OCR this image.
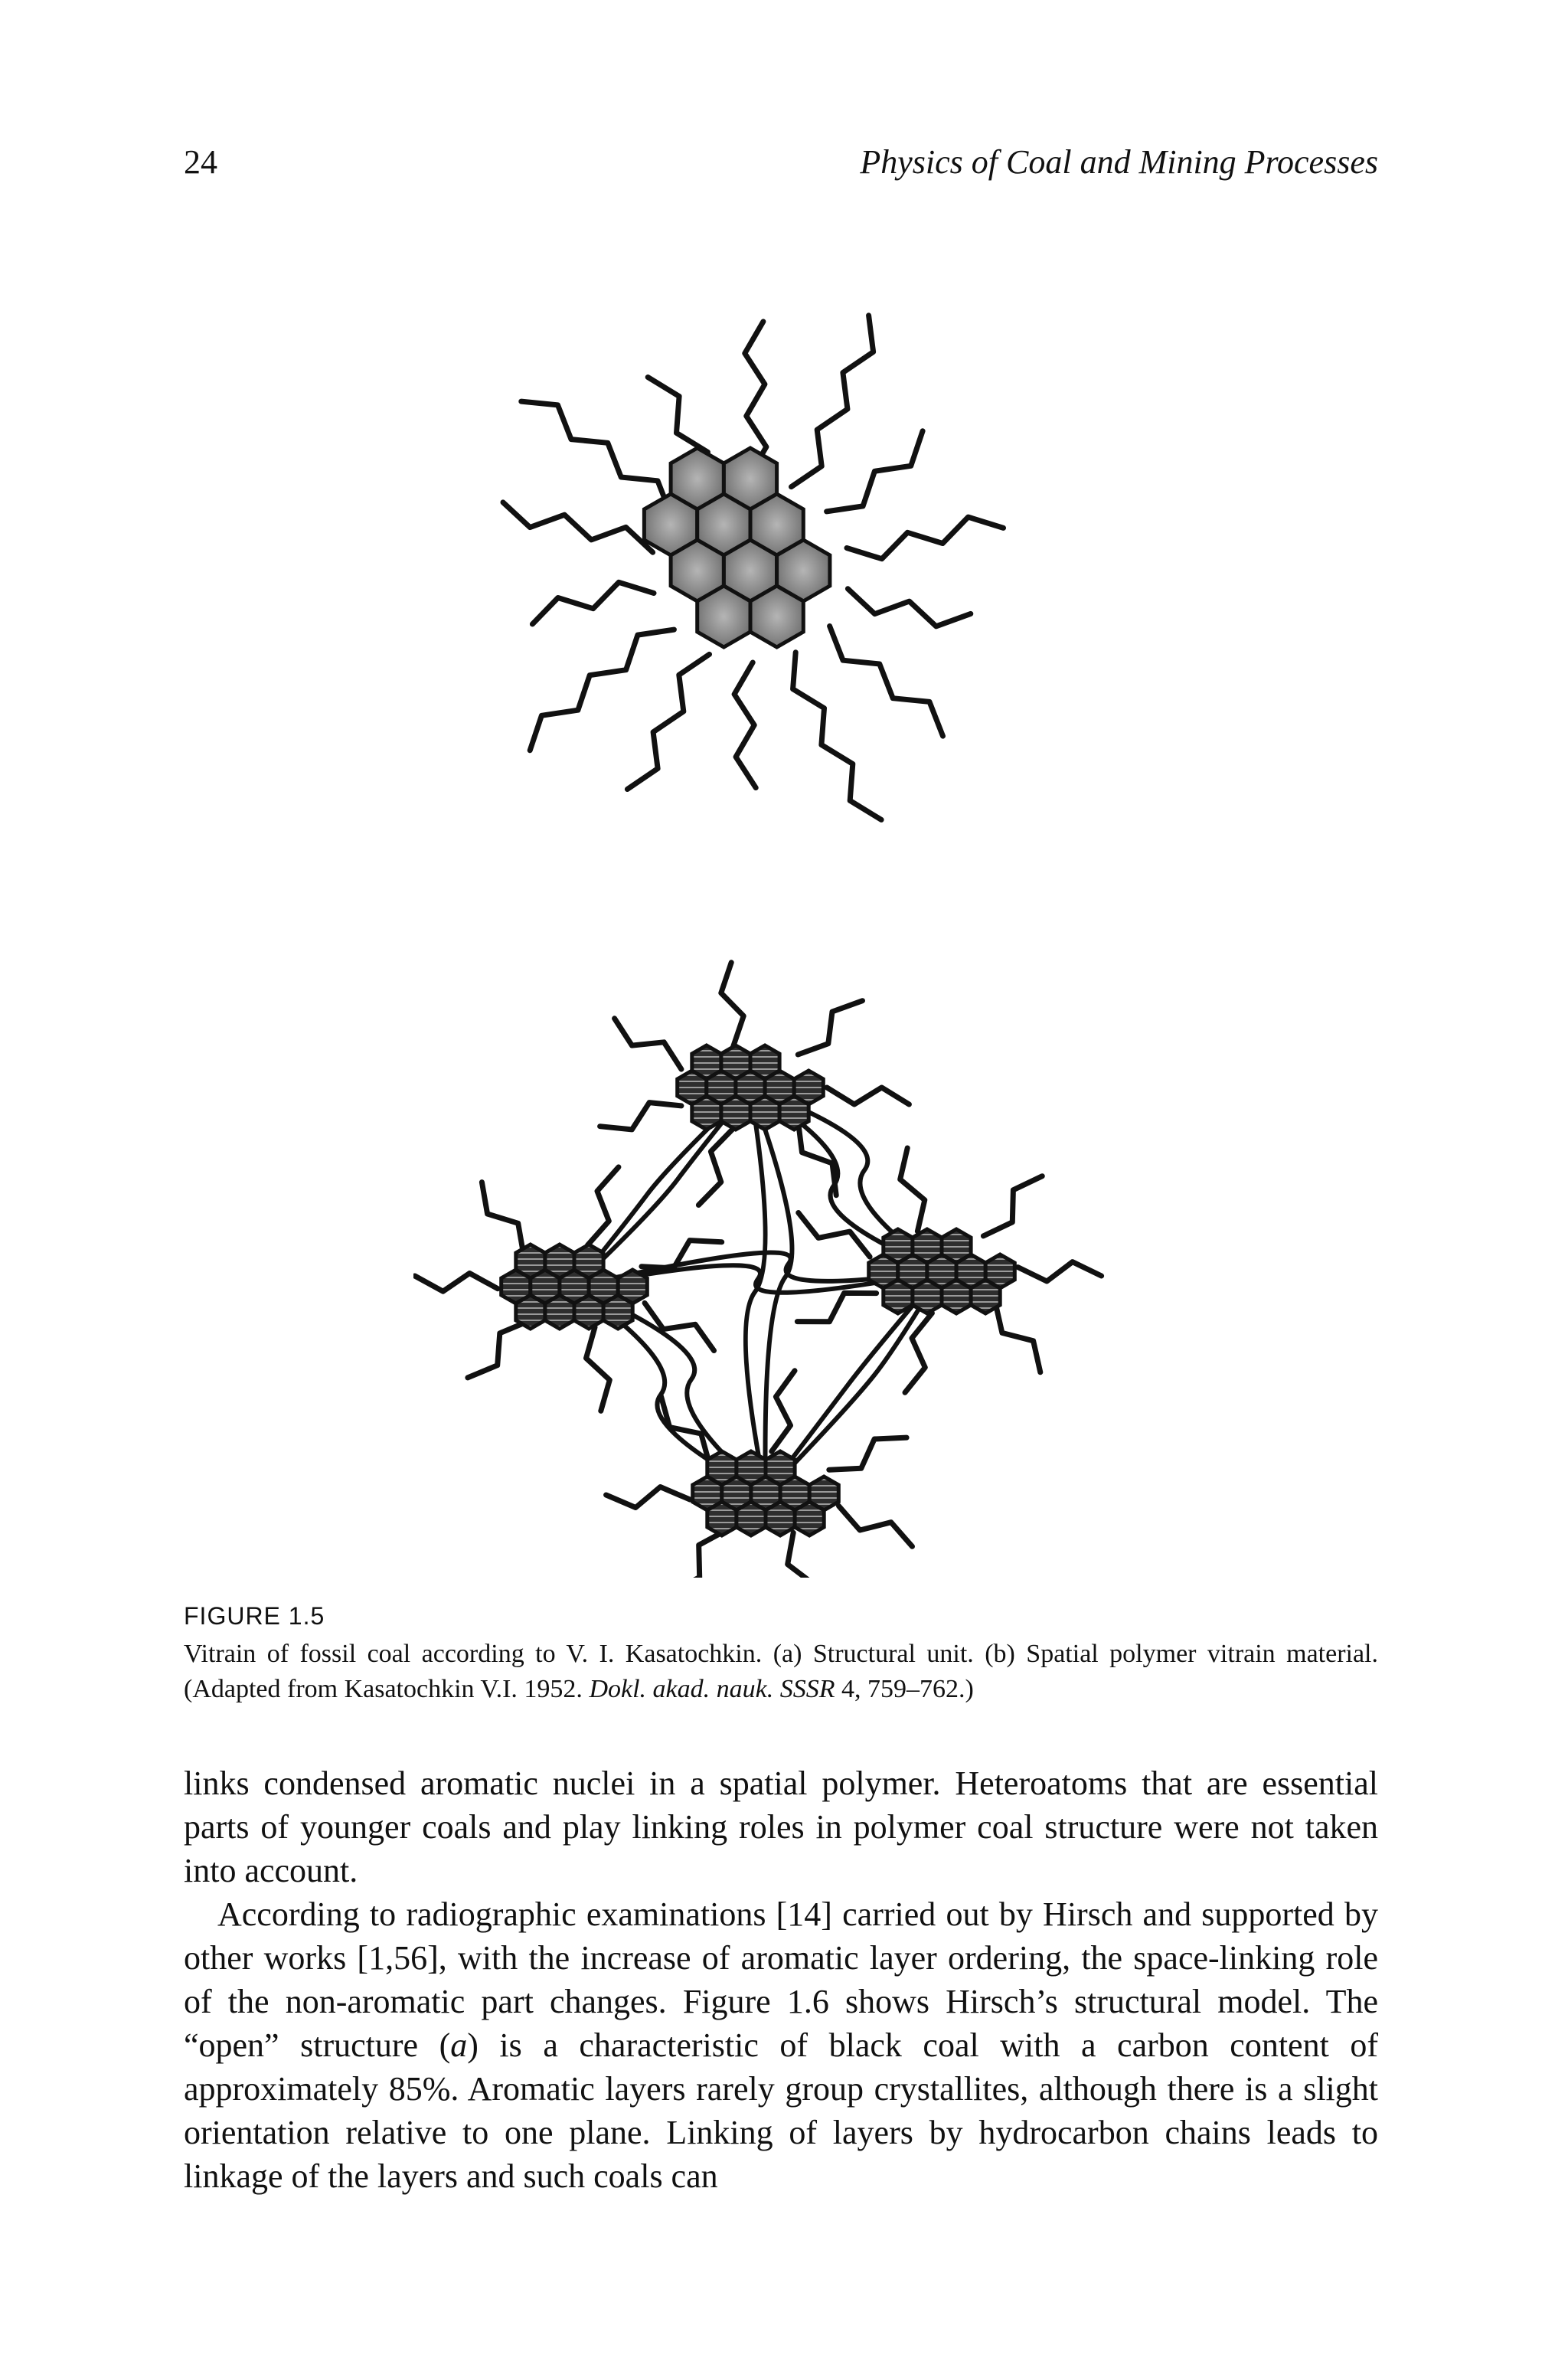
24	Physics of Coal and Mining Processes
FIGURE 1.5
Vitrain of fossil coal according to V. I. Kasatochkin. (a) Structural unit. (b) Spatial polymer vitrain material. (Adapted from Kasatochkin V.I. 1952. Dokl. akad. nauk. SSSR 4, 759–762.)

links condensed aromatic nuclei in a spatial polymer. Heteroatoms that are essential parts of younger coals and play linking roles in polymer coal structure were not taken into account.

According to radiographic examinations [14] carried out by Hirsch and supported by other works [1,56], with the increase of aromatic layer ordering, the space-linking role of the non-aromatic part changes. Figure 1.6 shows Hirsch’s structural model. The “open” structure (a) is a characteristic of black coal with a carbon content of approximately 85%. Aromatic layers rarely group crystallites, although there is a slight orientation relative to one plane. Linking of layers by hydrocarbon chains leads to linkage of the layers and such coals can
